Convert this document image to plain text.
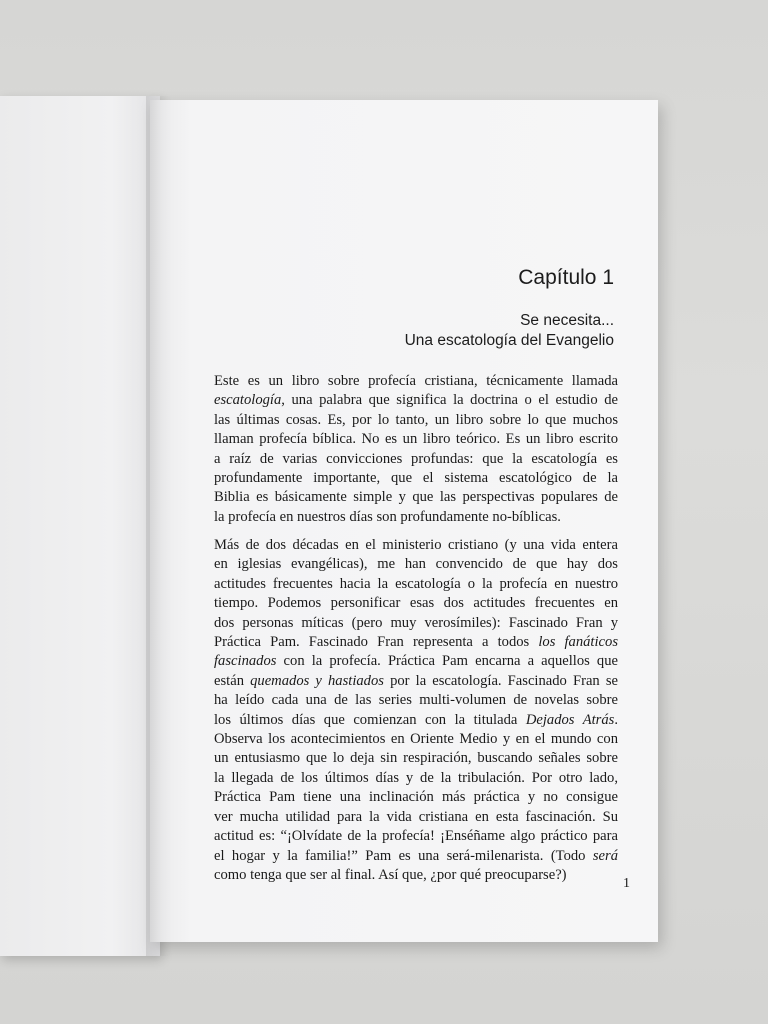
Capítulo 1
Se necesita...
Una escatología del Evangelio
Este es un libro sobre profecía cristiana, técnicamente llamada
escatología, una palabra que significa la doctrina o el estudio de
las últimas cosas. Es, por lo tanto, un libro sobre lo que muchos
llaman profecía bíblica. No es un libro teórico. Es un libro escrito
a raíz de varias convicciones profundas: que la escatología es
profundamente importante, que el sistema escatológico de la
Biblia es básicamente simple y que las perspectivas populares de
la profecía en nuestros días son profundamente no-bíblicas.
Más de dos décadas en el ministerio cristiano (y una vida entera
en iglesias evangélicas), me han convencido de que hay dos
actitudes frecuentes hacia la escatología o la profecía en nuestro
tiempo. Podemos personificar esas dos actitudes frecuentes en
dos personas míticas (pero muy verosímiles): Fascinado Fran y
Práctica Pam. Fascinado Fran representa a todos los fanáticos
fascinados con la profecía. Práctica Pam encarna a aquellos que
están quemados y hastiados por la escatología. Fascinado Fran se
ha leído cada una de las series multi-volumen de novelas sobre
los últimos días que comienzan con la titulada Dejados Atrás.
Observa los acontecimientos en Oriente Medio y en el mundo con
un entusiasmo que lo deja sin respiración, buscando señales sobre
la llegada de los últimos días y de la tribulación. Por otro lado,
Práctica Pam tiene una inclinación más práctica y no consigue
ver mucha utilidad para la vida cristiana en esta fascinación. Su
actitud es: “¡Olvídate de la profecía! ¡Enséñame algo práctico para
el hogar y la familia!” Pam es una será-milenarista. (Todo será
como tenga que ser al final. Así que, ¿por qué preocuparse?)
1
